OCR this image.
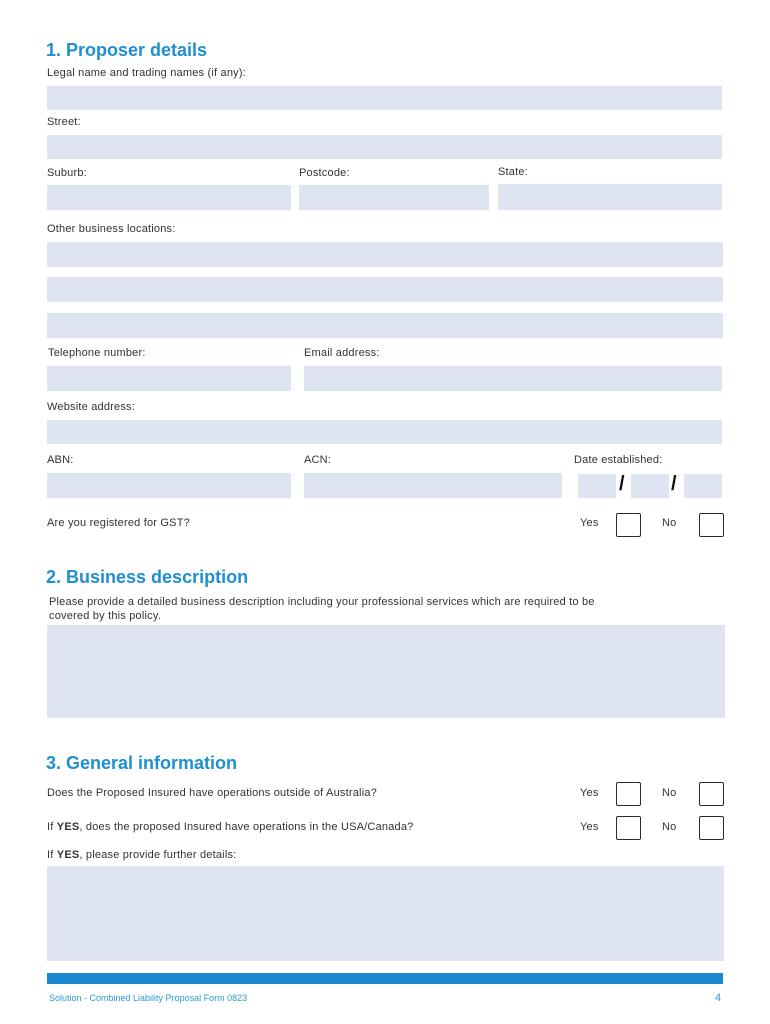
1. Proposer details
Legal name and trading names (if any):
Street:
Suburb:	Postcode:	State:
Other business locations:
Telephone number:	Email address:
Website address:
ABN:	ACN:	Date established:
/ /
Are you registered for GST?	Yes	No
2. Business description
Please provide a detailed business description including your professional services which are required to be
covered by this policy.
3. General information
Does the Proposed Insured have operations outside of Australia?	Yes	No
If YES, does the proposed Insured have operations in the USA/Canada?	Yes	No
If YES, please provide further details:
Solution - Combined Liability Proposal Form 0823	4
